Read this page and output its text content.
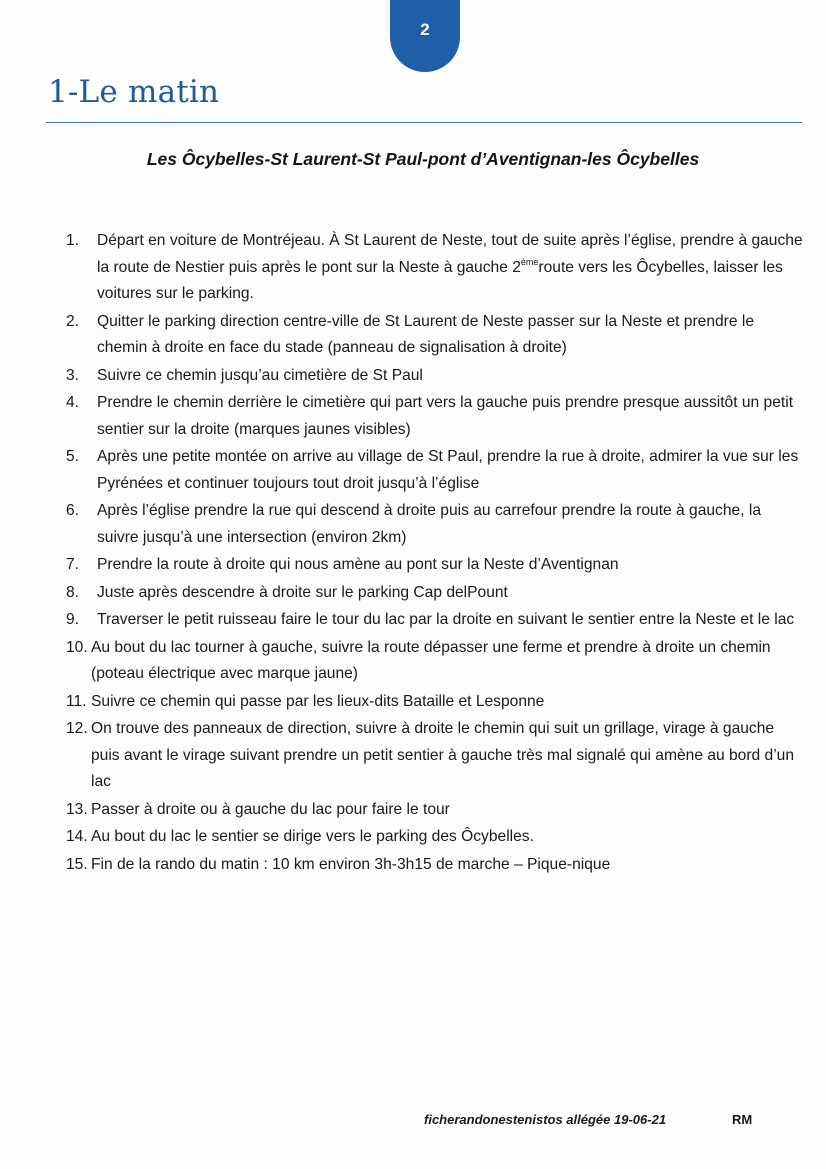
2
1-Le matin
Les Ôcybelles-St Laurent-St Paul-pont d’Aventignan-les Ôcybelles
1. Départ en voiture de Montréjeau. À St Laurent de Neste, tout de suite après l’église, prendre à gauche la route de Nestier puis après le pont sur la Neste à gauche 2èmeroute vers les Ôcybelles, laisser les voitures sur le parking.
2. Quitter le parking direction centre-ville de St Laurent de Neste passer sur la Neste et prendre le chemin à droite en face du stade (panneau de signalisation à droite)
3. Suivre ce chemin jusqu’au cimetière de St Paul
4. Prendre le chemin derrière le cimetière qui part vers la gauche puis prendre presque aussitôt un petit sentier sur la droite (marques jaunes visibles)
5. Après une petite montée on arrive au village de St Paul, prendre la rue à droite, admirer la vue sur les Pyrénées et continuer toujours tout droit jusqu’à l’église
6. Après l’église prendre la rue qui descend à droite puis au carrefour prendre la route à gauche, la suivre jusqu’à une intersection (environ 2km)
7. Prendre la route à droite qui nous amène au pont sur la Neste d’Aventignan
8. Juste après descendre à droite sur le parking Cap delPount
9. Traverser le petit ruisseau faire le tour du lac par la droite en suivant le sentier entre la Neste et le lac
10. Au bout du lac tourner à gauche, suivre la route dépasser une ferme et prendre à droite un chemin (poteau électrique avec marque jaune)
11. Suivre ce chemin qui passe par les lieux-dits Bataille et Lesponne
12. On trouve des panneaux de direction, suivre à droite le chemin qui suit un grillage, virage à gauche puis avant le virage suivant prendre un petit sentier à gauche très mal signalé qui amène au bord d’un lac
13. Passer à droite ou à gauche du lac pour faire le tour
14. Au bout du lac le sentier se dirige vers le parking des Ôcybelles.
15. Fin de la rando du matin : 10 km environ 3h-3h15 de marche – Pique-nique
ficherandonestenistos allégée 19-06-21	RM
